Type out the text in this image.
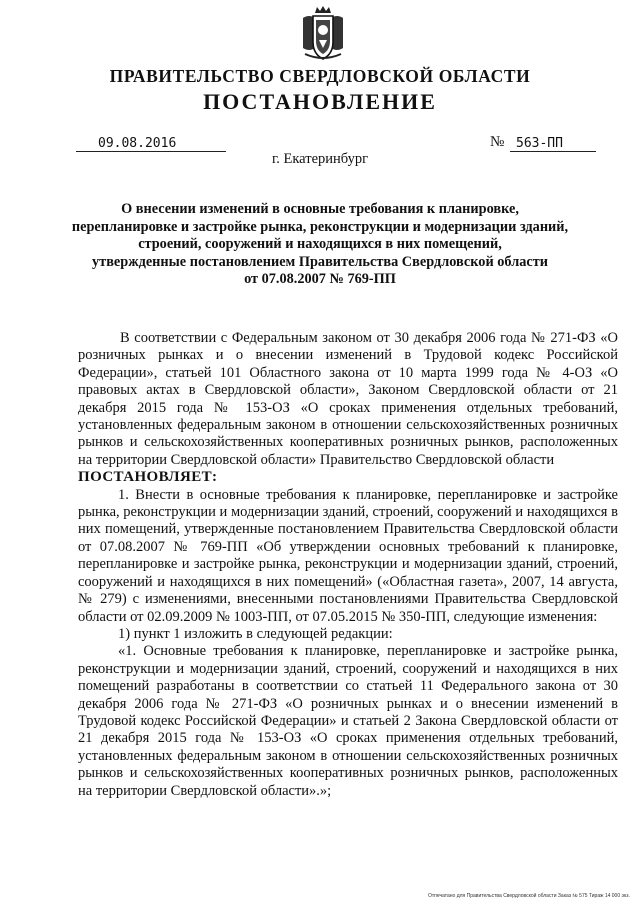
ПРАВИТЕЛЬСТВО СВЕРДЛОВСКОЙ ОБЛАСТИ
ПОСТАНОВЛЕНИЕ
09.08.2016	№ 563-ПП
г. Екатеринбург
О внесении изменений в основные требования к планировке,
перепланировке и застройке рынка, реконструкции и модернизации зданий,
строений, сооружений и находящихся в них помещений,
утвержденные постановлением Правительства Свердловской области
от 07.08.2007 № 769-ПП

В соответствии с Федеральным законом от 30 декабря 2006 года № 271-ФЗ «О розничных рынках и о внесении изменений в Трудовой кодекс Российской Федерации», статьей 101 Областного закона от 10 марта 1999 года № 4-ОЗ «О правовых актах в Свердловской области», Законом Свердловской области от 21 декабря 2015 года № 153-ОЗ «О сроках применения отдельных требований, установленных федеральным законом в отношении сельскохозяйственных розничных рынков и сельскохозяйственных кооперативных розничных рынков, расположенных на территории Свердловской области» Правительство Свердловской области

ПОСТАНОВЛЯЕТ:

1. Внести в основные требования к планировке, перепланировке и застройке рынка, реконструкции и модернизации зданий, строений, сооружений и находящихся в них помещений, утвержденные постановлением Правительства Свердловской области от 07.08.2007 № 769-ПП «Об утверждении основных требований к планировке, перепланировке и застройке рынка, реконструкции и модернизации зданий, строений, сооружений и находящихся в них помещений» («Областная газета», 2007, 14 августа, № 279) с изменениями, внесенными постановлениями Правительства Свердловской области от 02.09.2009 № 1003-ПП, от 07.05.2015 № 350-ПП, следующие изменения:

1) пункт 1 изложить в следующей редакции:

«1. Основные требования к планировке, перепланировке и застройке рынка, реконструкции и модернизации зданий, строений, сооружений и находящихся в них помещений разработаны в соответствии со статьей 11 Федерального закона от 30 декабря 2006 года № 271-ФЗ «О розничных рынках и о внесении изменений в Трудовой кодекс Российской Федерации» и статьей 2 Закона Свердловской области от 21 декабря 2015 года № 153-ОЗ «О сроках применения отдельных требований, установленных федеральным законом в отношении сельскохозяйственных розничных рынков и сельскохозяйственных кооперативных розничных рынков, расположенных на территории Свердловской области».»;

Отпечатано для Правительства Свердловской области Заказ № 575 Тираж 14 000 экз.
